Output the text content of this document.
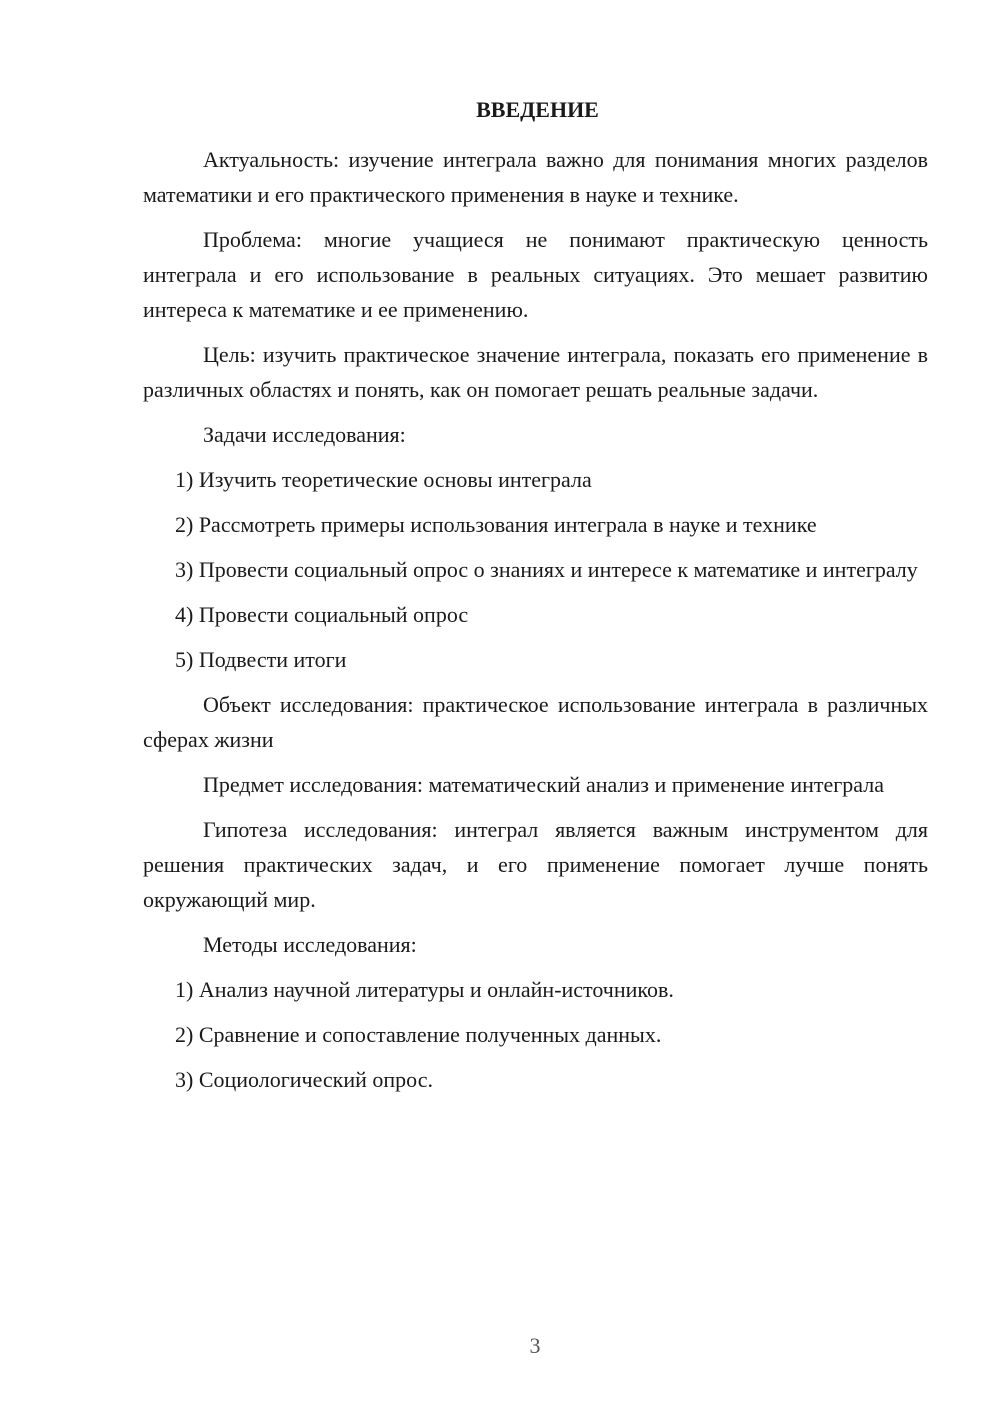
ВВЕДЕНИЕ

Актуальность: изучение интеграла важно для понимания многих разделов математики и его практического применения в науке и технике.

Проблема: многие учащиеся не понимают практическую ценность интеграла и его использование в реальных ситуациях. Это мешает развитию интереса к математике и ее применению.

Цель: изучить практическое значение интеграла, показать его применение в различных областях и понять, как он помогает решать реальные задачи.

Задачи исследования:

1) Изучить теоретические основы интеграла

2) Рассмотреть примеры использования интеграла в науке и технике

3) Провести социальный опрос о знаниях и интересе к математике и интегралу

4) Провести социальный опрос

5) Подвести итоги

Объект исследования: практическое использование интеграла в различных сферах жизни

Предмет исследования: математический анализ и применение интеграла

Гипотеза исследования: интеграл является важным инструментом для решения практических задач, и его применение помогает лучше понять окружающий мир.

Методы исследования:

1) Анализ научной литературы и онлайн-источников.

2) Сравнение и сопоставление полученных данных.

3) Социологический опрос.

3
